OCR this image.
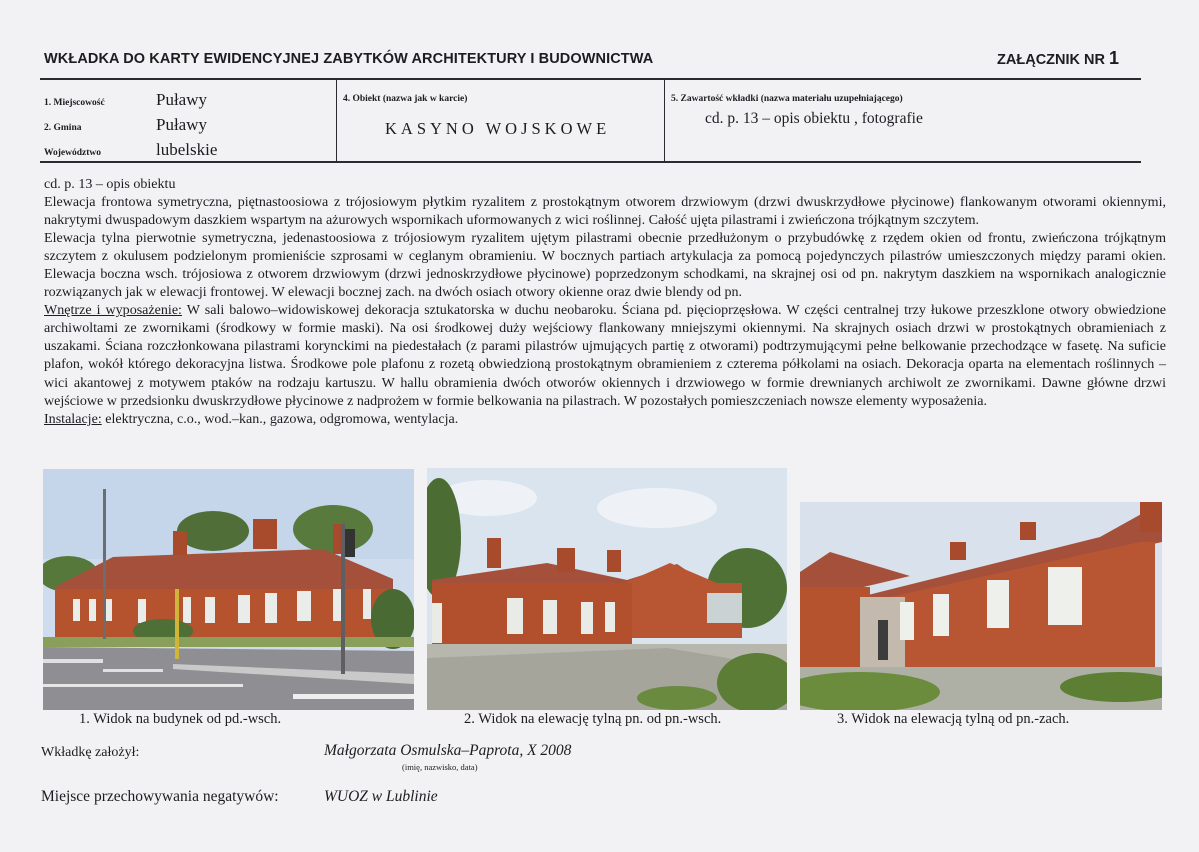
WKŁADKA DO KARTY EWIDENCYJNEJ ZABYTKÓW ARCHITEKTURY I BUDOWNICTWA	ZAŁĄCZNIK NR 1
1. Miejscowość	Puławy
2. Gmina	Puławy
Województwo	lubelskie
4. Obiekt (nazwa jak w karcie)
KASYNO WOJSKOWE
5. Zawartość wkładki (nazwa materiału uzupełniającego)
cd. p. 13 – opis obiektu , fotografie

cd. p. 13 – opis obiektu

Elewacja frontowa symetryczna, piętnastoosiowa z trójosiowym płytkim ryzalitem z prostokątnym otworem drzwiowym (drzwi dwuskrzydłowe płycinowe) flankowanym otworami okiennymi, nakrytymi dwuspadowym daszkiem wspartym na ażurowych wspornikach uformowanych z wici roślinnej. Całość ujęta pilastrami i zwieńczona trójkątnym szczytem.

Elewacja tylna pierwotnie symetryczna, jedenastoosiowa z trójosiowym ryzalitem ujętym pilastrami obecnie przedłużonym o przybudówkę z rzędem okien od frontu, zwieńczona trójkątnym szczytem z okulusem podzielonym promieniście szprosami w ceglanym obramieniu. W bocznych partiach artykulacja za pomocą pojedynczych pilastrów umieszczonych między parami okien. Elewacja boczna wsch. trójosiowa z otworem drzwiowym (drzwi jednoskrzydłowe płycinowe) poprzedzonym schodkami, na skrajnej osi od pn. nakrytym daszkiem na wspornikach analogicznie rozwiązanych jak w elewacji frontowej. W elewacji bocznej zach. na dwóch osiach otwory okienne oraz dwie blendy od pn.

Wnętrze i wyposażenie: W sali balowo–widowiskowej dekoracja sztukatorska w duchu neobaroku. Ściana pd. pięcioprzęsłowa. W części centralnej trzy łukowe przeszklone otwory obwiedzione archiwoltami ze zwornikami (środkowy w formie maski). Na osi środkowej duży wejściowy flankowany mniejszymi okiennymi. Na skrajnych osiach drzwi w prostokątnych obramieniach z uszakami. Ściana rozczłonkowana pilastrami korynckimi na piedestałach (z parami pilastrów ujmujących partię z otworami) podtrzymującymi pełne belkowanie przechodzące w fasetę. Na suficie plafon, wokół którego dekoracyjna listwa. Środkowe pole plafonu z rozetą obwiedzioną prostokątnym obramieniem z czterema półkolami na osiach. Dekoracja oparta na elementach roślinnych – wici akantowej z motywem ptaków na rodzaju kartuszu. W hallu obramienia dwóch otworów okiennych i drzwiowego w formie drewnianych archiwolt ze zwornikami. Dawne główne drzwi wejściowe w przedsionku dwuskrzydłowe płycinowe z nadprożem w formie belkowania na pilastrach. W pozostałych pomieszczeniach nowsze elementy wyposażenia.

Instalacje: elektryczna, c.o., wod.–kan., gazowa, odgromowa, wentylacja.

1. Widok na budynek od pd.-wsch.	2. Widok na elewację tylną pn. od pn.-wsch.	3. Widok na elewacją tylną od pn.-zach.
Wkładkę założył:	Małgorzata Osmulska–Paprota, X 2008
(imię, nazwisko, data)
Miejsce przechowywania negatywów:	WUOZ w Lublinie
